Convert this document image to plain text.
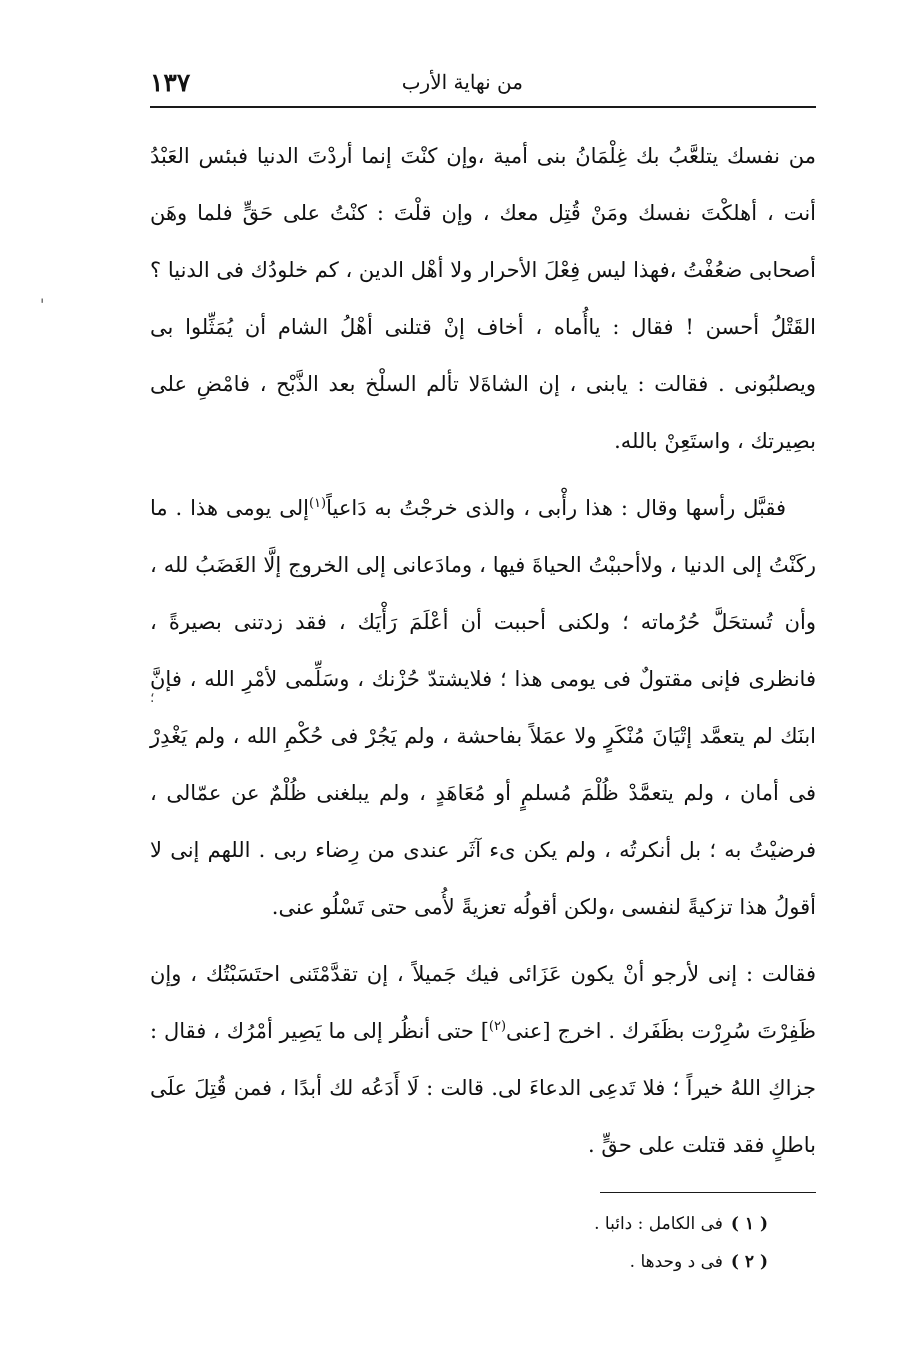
١٣٧	من نهاية الأرب
'

من نفسك يتلعَّبُ بك غِلْمَانُ بنى أمية ،وإن كنْتَ إنما أردْتَ الدنيا فبئس العَبْدُ أنت ، أهلكْتَ نفسك ومَنْ قُتِل معك ، وإن قلْتَ : كنْتُ على حَقٍّ فلما وهَن أصحابى ضعُفْتُ ،فهذا ليس فِعْلَ الأحرار ولا أهْل الدين ، كم خلودُك فى الدنيا ؟ القَتْلُ أحسن ! فقال : ياأُماه ، أخاف إنْ قتلنى أهْلُ الشام أن يُمَثِّلوا بى ويصلبُونى . فقالت : يابنى ، إن الشاةَلا تألم السلْخ بعد الذَّبْح ، فامْضِ على بصِيرتك ، واستَعِنْ بالله.

فقبَّل رأسها وقال : هذا رأْبى ، والذى خرجْتُ به دَاعياً$^{(١)}$إلى يومى هذا . ما ركَنْتُ إلى الدنيا ، ولاأحببْتُ الحياةَ فيها ، ومادَعانى إلى الخروج إلَّا الغَضَبُ لله ، وأن تُستحَلَّ حُرُماته ؛ ولكنى أحببت أن أعْلَمَ رَأْيَك ، فقد زدتنى بصيرةً ، فانظرى فإنى مقتولٌ فى يومى هذا ؛ فلايشتدّ حُزْنك ، وسَلِّمى لأمْرِ الله ، فإنَّ ابنَك لم يتعمَّد إتْيَانَ مُنْكَرٍ ولا عمَلاً بفاحشة ، ولم يَجُرْ فى حُكْمِ الله ، ولم يَغْدِرْ فى أمان ، ولم يتعمَّدْ ظُلْمَ مُسلمٍ أو مُعَاهَدٍ ، ولم يبلغنى ظُلْمٌ عن عمّالى ، فرضيْتُ به ؛ بل أنكرتُه ، ولم يكن ىء آثَر عندى من رِضاء ربى . اللهم إنى لا أقولُ هذا تزكيةً لنفسى ،ولكن أقولُه تعزيةً لأُمى حتى تَسْلُو عنى.

فقالت : إنى لأرجو أنْ يكون عَزَائى فيك جَميلاً ، إن تقدَّمْتَنى احتَسَبْتُك ، وإن ظَفِرْتَ سُرِرْت بظَفَرك . اخرج [عنى$^{(٢)}$] حتى أنظُر إلى ما يَصِير أمْرُك ، فقال : جزاكِ اللهُ خيراً ؛ فلا تَدعِى الدعاءَ لى. قالت : لَا أَدَعُه لك أبدًا ، فمن قُتِلَ علَى باطلٍ فقد قتلت على حقٍّ .

؛

( ١ )فى الكامل : دائبا .

( ٢ )فى د وحدها .
